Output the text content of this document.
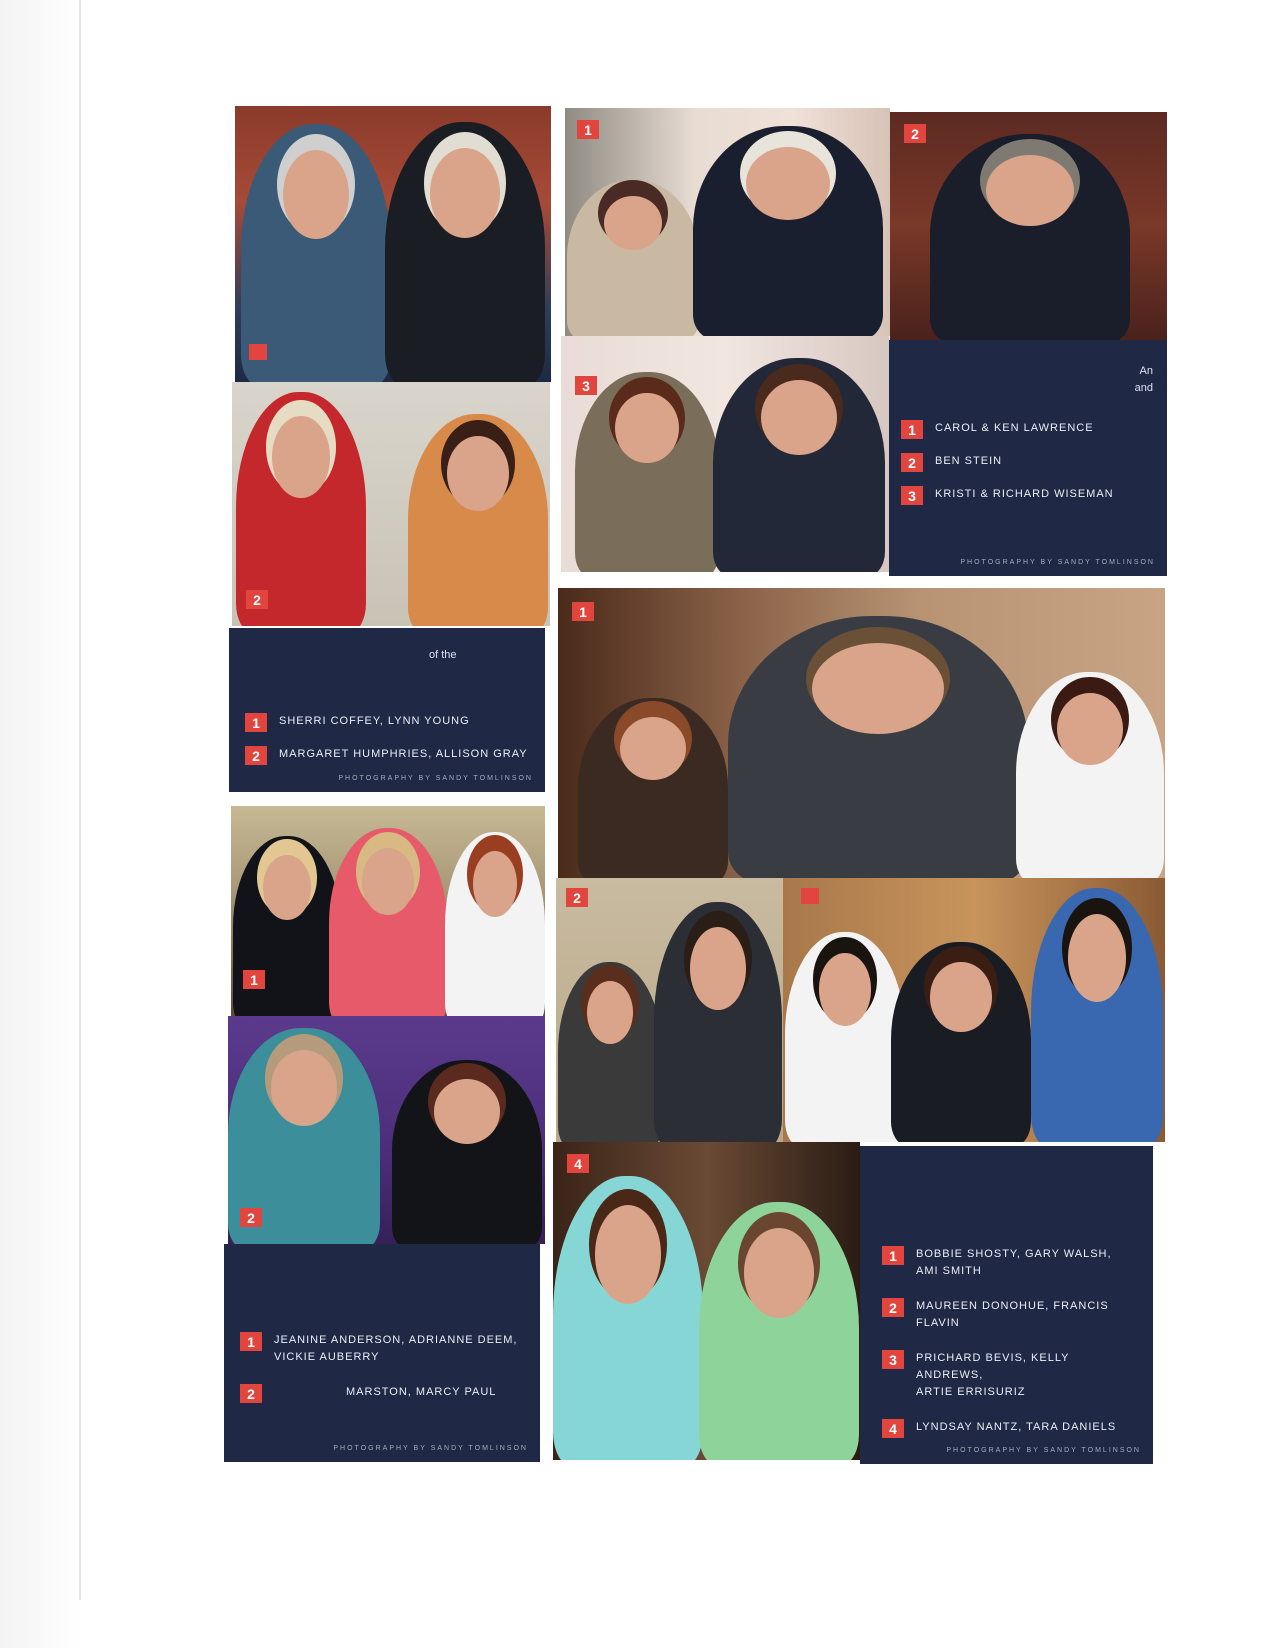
2
of the
1	SHERRI COFFEY, LYNN YOUNG
2	MARGARET HUMPHRIES, ALLISON GRAY
PHOTOGRAPHY BY SANDY TOMLINSON
1
2
1	JEANINE ANDERSON, ADRIANNE DEEM,
VICKIE AUBERRY
2	MARSTON, MARCY PAUL
PHOTOGRAPHY BY SANDY TOMLINSON
1	2
3
An
and
1	CAROL & KEN LAWRENCE
2	BEN STEIN
3	KRISTI & RICHARD WISEMAN
PHOTOGRAPHY BY SANDY TOMLINSON
1
2
4
1	BOBBIE SHOSTY, GARY WALSH,
AMI SMITH
2	MAUREEN DONOHUE, FRANCIS FLAVIN
3	PRICHARD BEVIS, KELLY ANDREWS,
ARTIE ERRISURIZ
4	LYNDSAY NANTZ, TARA DANIELS
PHOTOGRAPHY BY SANDY TOMLINSON
